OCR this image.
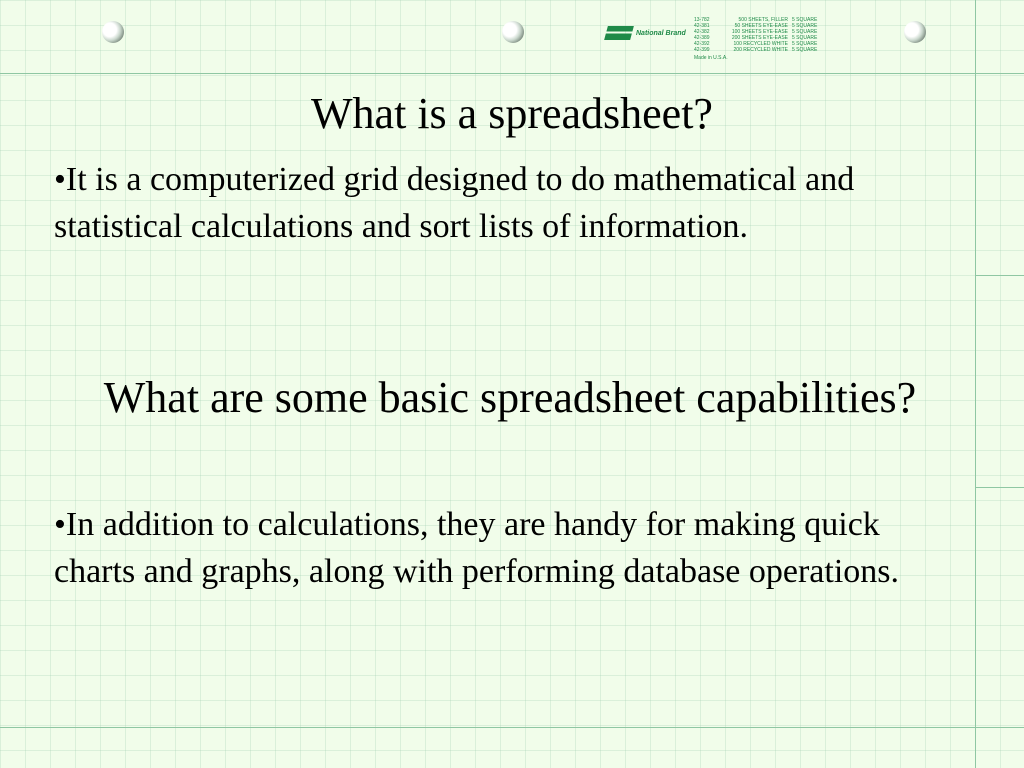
National Brand
13-782	500 SHEETS, FILLER 5 SQUARE
42-381	50 SHEETS EYE-EASE 5 SQUARE
42-382	100 SHEETS EYE-EASE 5 SQUARE
42-389	200 SHEETS EYE-EASE 5 SQUARE
42-392	100 RECYCLED WHITE 5 SQUARE
42-399	200 RECYCLED WHITE 5 SQUARE
Made in U.S.A.
What is a spreadsheet?

•It is a computerized grid designed to do mathematical and statistical calculations and sort lists of information.

What are some basic spreadsheet capabilities?

•In addition to calculations, they are handy for making quick charts and graphs, along with performing database operations.
